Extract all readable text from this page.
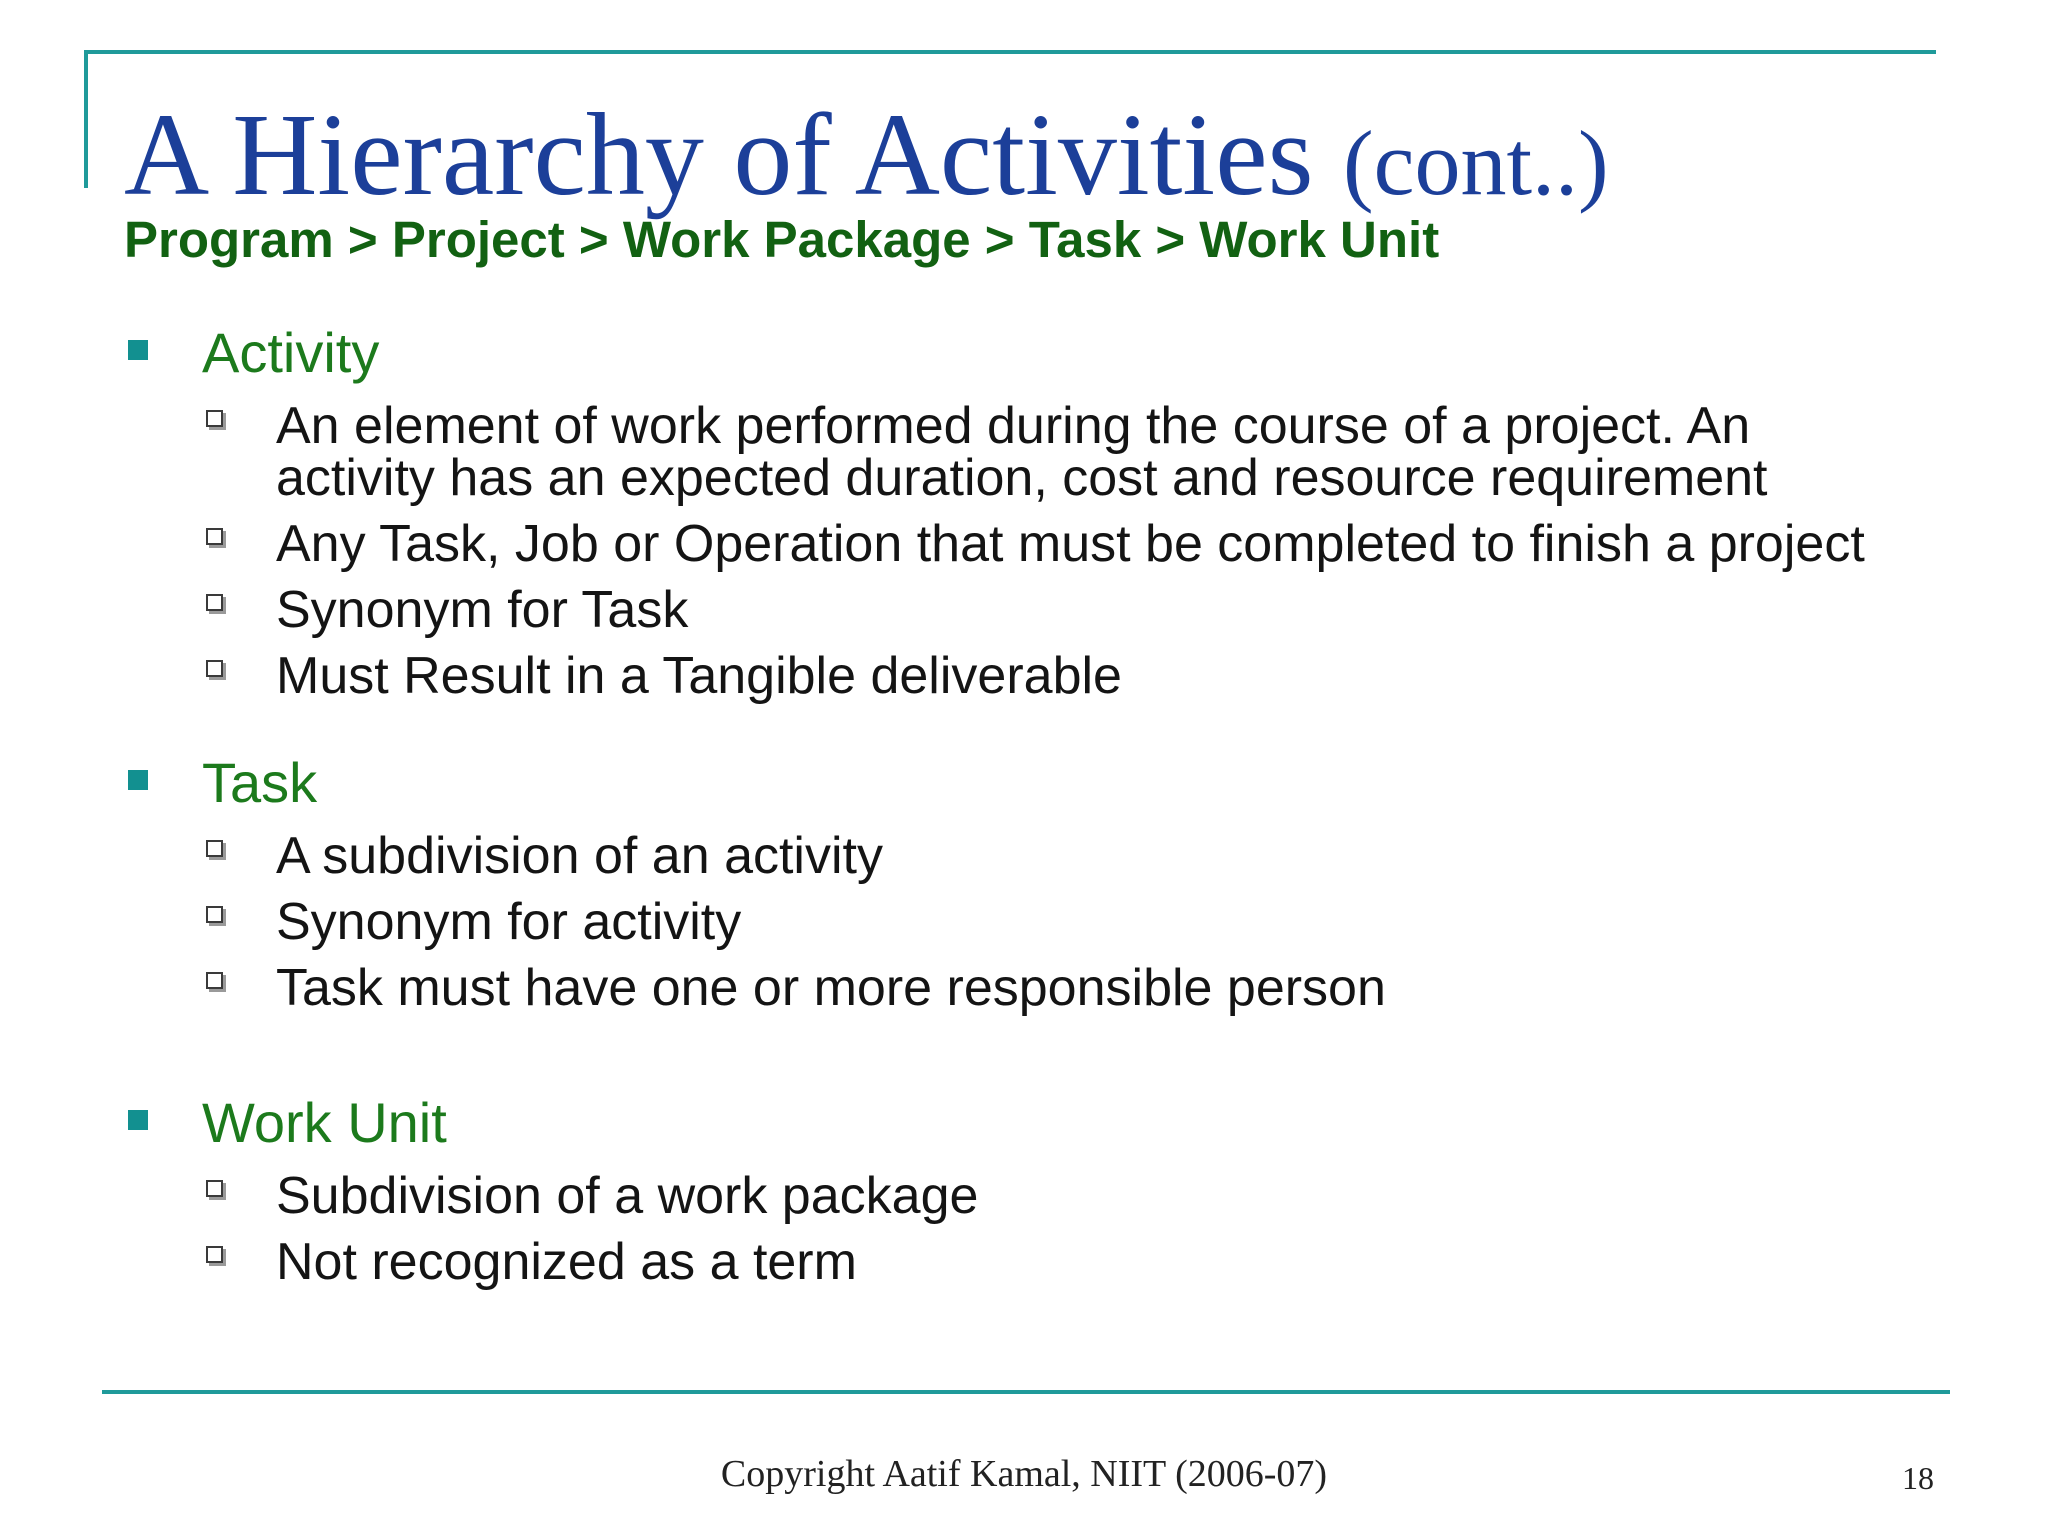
A Hierarchy of Activities (cont..)
Program > Project > Work Package > Task > Work Unit
Activity
An element of work performed during the course of a project. An activity has an expected duration, cost and resource requirement
Any Task, Job or Operation that must be completed to finish a project
Synonym for Task
Must Result in a Tangible deliverable
Task
A subdivision of an activity
Synonym for activity
Task must have one or more responsible person
Work Unit
Subdivision of a work package
Not recognized as a term
Copyright Aatif Kamal, NIIT (2006-07)	18
